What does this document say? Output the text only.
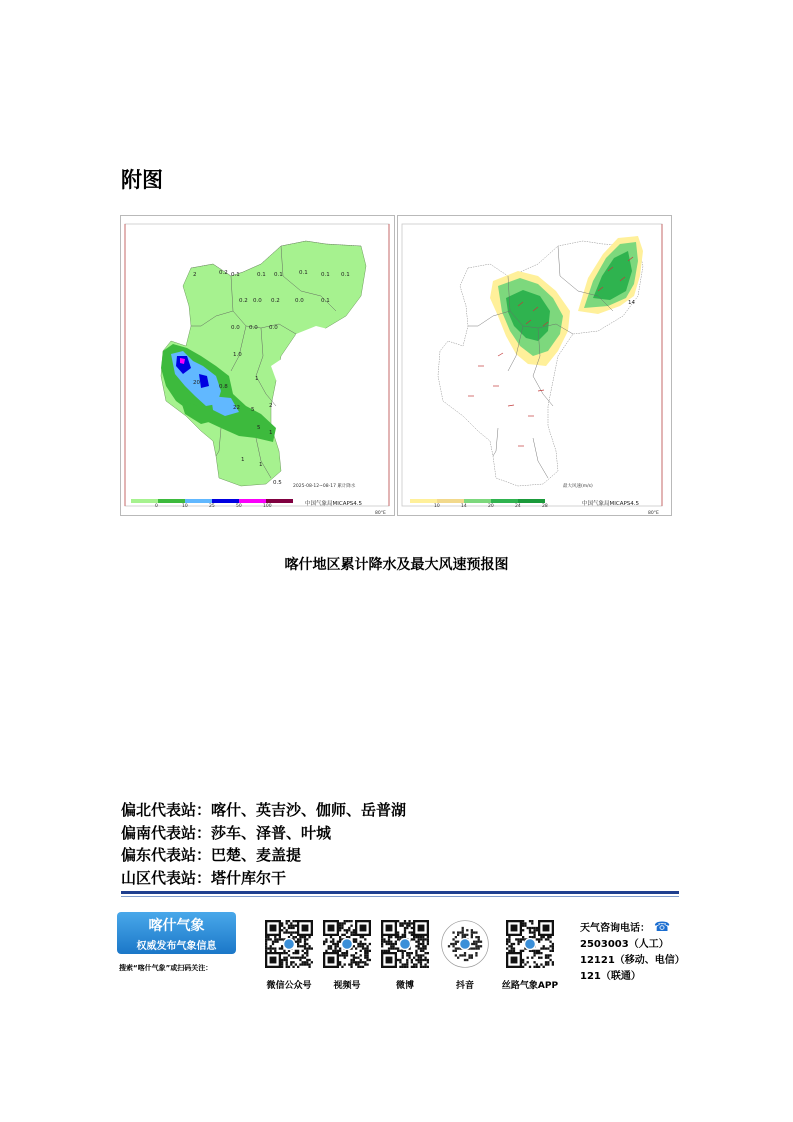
附图
2	0.2 0.1	0.1 0.1	0.1 0.1 0.1
0.2 0.0 0.2	0.0	0.1
0.0 0.0 0.0
1.0
20
0.8
1
5
22
5
2
1
1
1
0.5
2025-08-12~08-17 累计降水
0	10	25	50	100	中国气象局MICAPS4.5
80°E
14
最大风速(m/s)
10	14	20	24	28	中国气象局MICAPS4.5
80°E
喀什地区累计降水及最大风速预报图
偏北代表站：喀什、英吉沙、伽师、岳普湖
偏南代表站：莎车、泽普、叶城
偏东代表站：巴楚、麦盖提
山区代表站：塔什库尔干
喀什气象
权威发布气象信息
搜索“喀什气象”或扫码关注：
微信公众号	视频号	微博	抖音	丝路气象APP
天气咨询电话： ☎
2503003（人工）
12121（移动、电信）
121（联通）
